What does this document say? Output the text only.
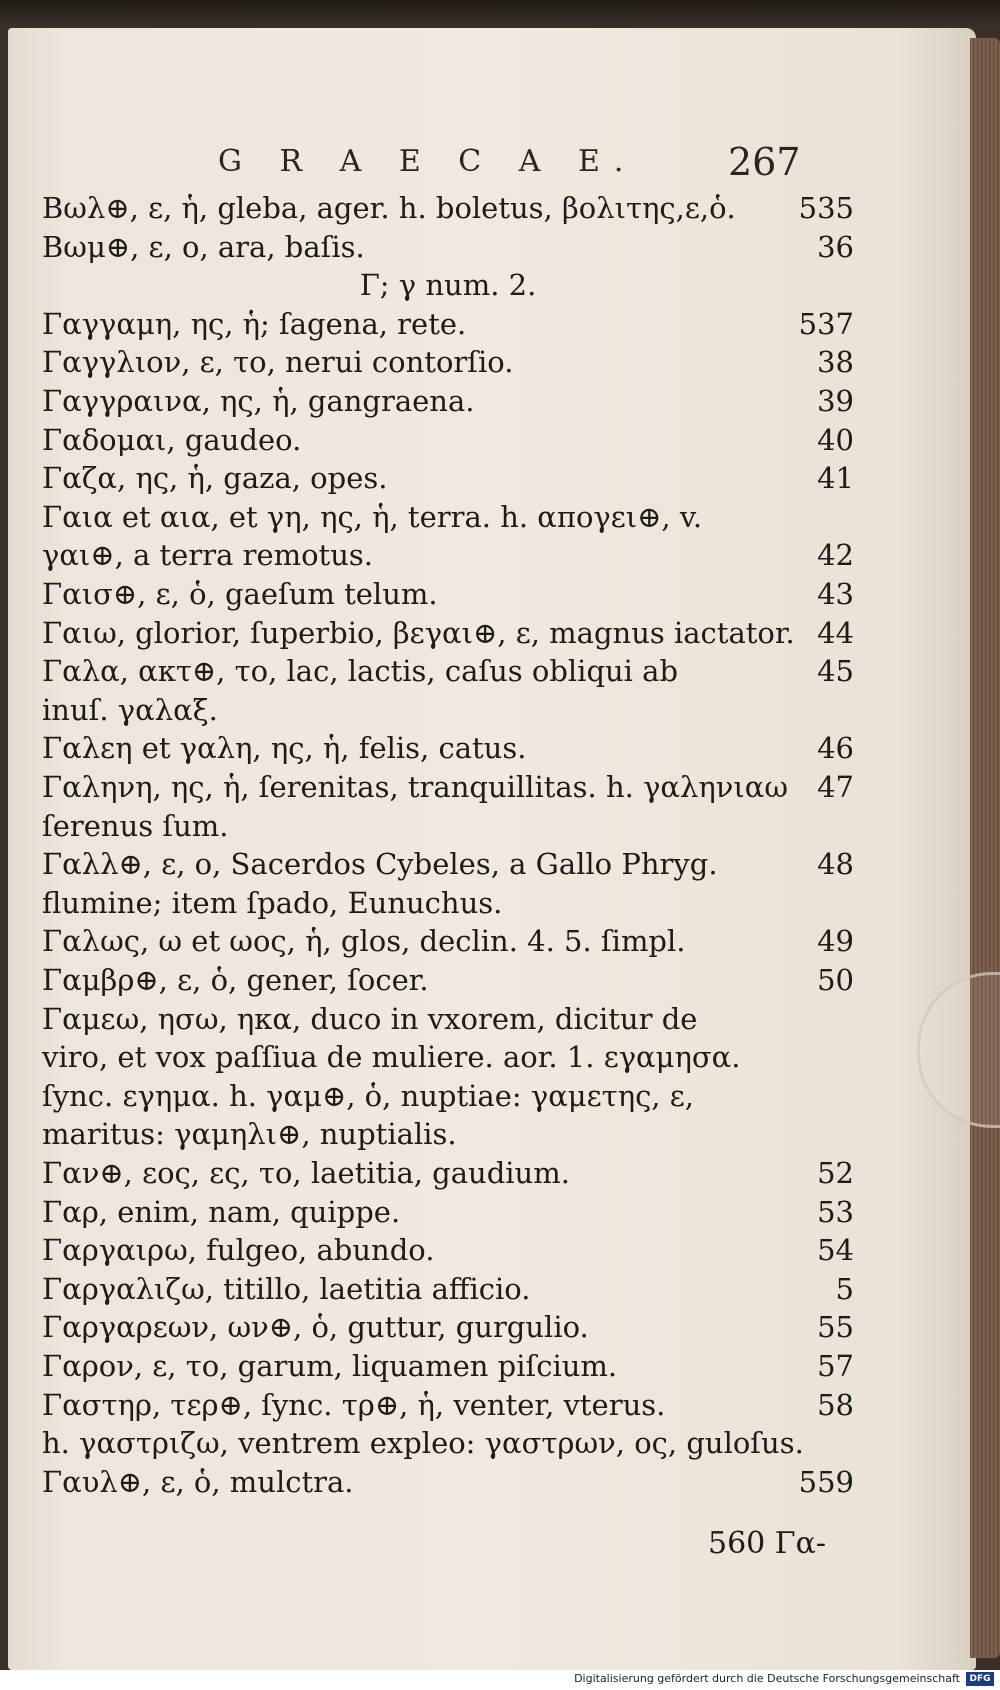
G R A E C A E. 267
Βωλ⊕, ε, ἡ, gleba, ager. h. boletus, βολιτης,ε,ὁ. 535
Βωμ⊕, ε, ο, ara, baſis.	36
Γ; γ num. 2.
Γαγγαμη, ης, ἡ; ſagena, rete.	537
Γαγγλιον, ε, το, nerui contorſio.	38
Γαγγραινα, ης, ἡ, gangraena.	39
Γαδομαι, gaudeo.	40
Γαζα, ης, ἡ, gaza, opes.	41
Γαια et αια, et γη, ης, ἡ, terra. h. απογει⊕, v.
γαι⊕, a terra remotus.	42
Γαισ⊕, ε, ὁ, gaeſum telum.	43
Γαιω, glorior, ſuperbio, βεγαι⊕, ε, magnus iactator. 44
Γαλα, ακτ⊕, το, lac, lactis, caſus obliqui ab	45
inuſ. γαλαξ.
Γαλεη et γαλη, ης, ἡ, felis, catus.	46
Γαληνη, ης, ἡ, ſerenitas, tranquillitas. h. γαληνιαω 47
ſerenus ſum.
Γαλλ⊕, ε, ο, Sacerdos Cybeles, a Gallo Phryg.	48
flumine; item ſpado, Eunuchus.
Γαλως, ω et ωος, ἡ, glos, declin. 4. 5. ſimpl.	49
Γαμβρ⊕, ε, ὁ, gener, ſocer.	50
Γαμεω, ησω, ηκα, duco in vxorem, dicitur de
viro, et vox paſſiua de muliere. aor. 1. εγαμησα.
ſync. εγημα. h. γαμ⊕, ὁ, nuptiae: γαμετης, ε,
maritus: γαμηλι⊕, nuptialis.
Γαν⊕, εος, ες, το, laetitia, gaudium.	52
Γαρ, enim, nam, quippe.	53
Γαργαιρω, fulgeo, abundo.	54
Γαργαλιζω, titillo, laetitia afficio.	5
Γαργαρεων, ων⊕, ὁ, guttur, gurgulio.	55
Γαρον, ε, το, garum, liquamen piſcium.	57
Γαστηρ, τερ⊕, ſync. τρ⊕, ἡ, venter, vterus.	58
h. γαστριζω, ventrem expleo: γαστρων, ος, guloſus.
Γαυλ⊕, ε, ὁ, mulctra.	559
560 Γα-
Digitalisierung gefördert durch die Deutsche Forschungsgemeinschaft	DFG
